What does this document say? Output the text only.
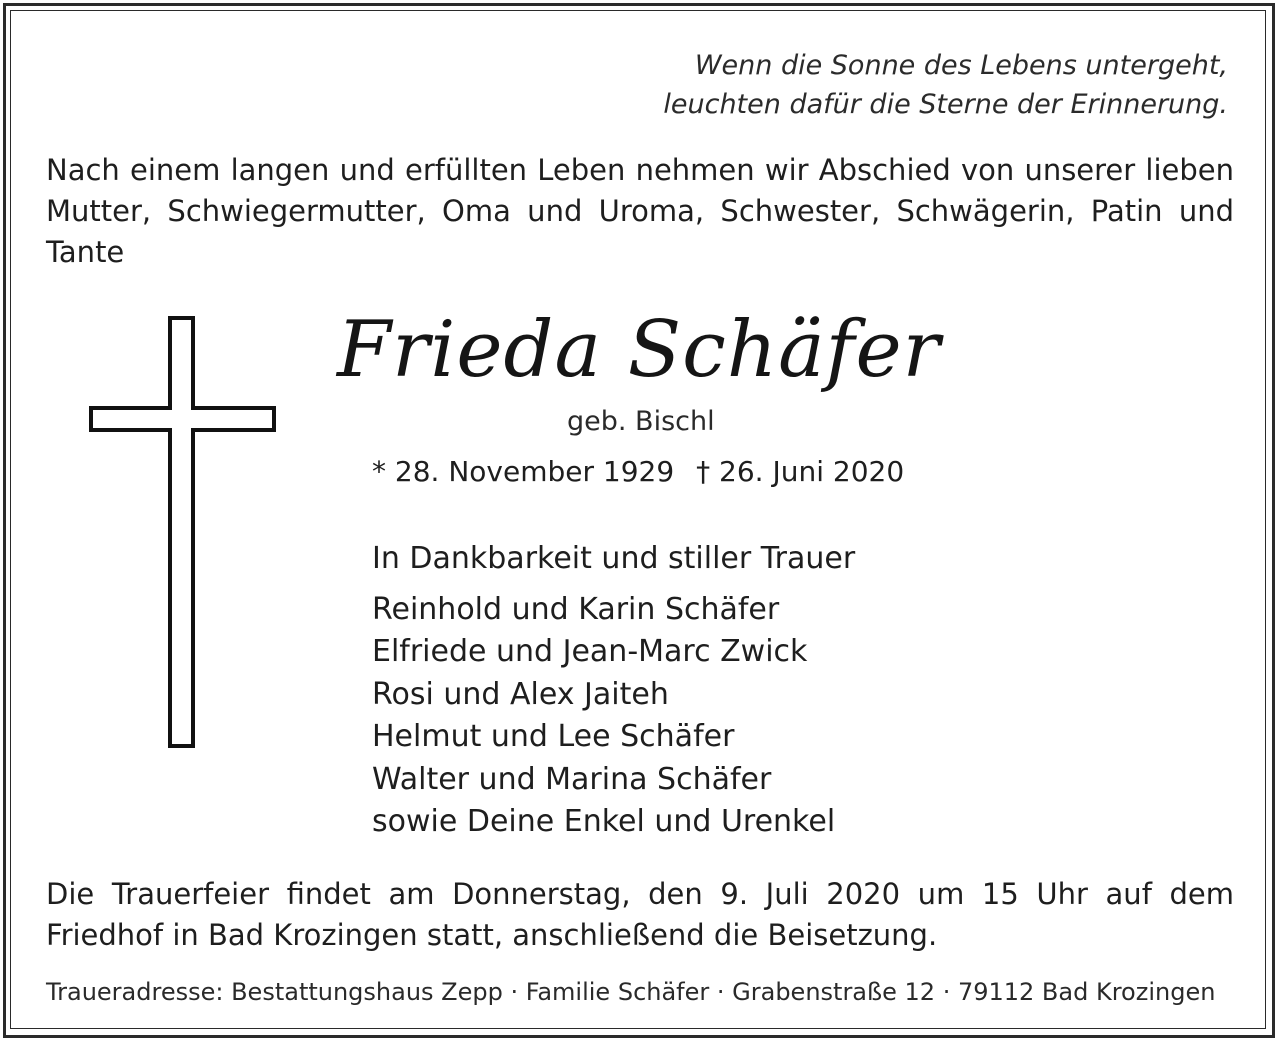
Wenn die Sonne des Lebens untergeht,
leuchten dafür die Sterne der Erinnerung.
Nach einem langen und erfüllten Leben nehmen wir Abschied von unserer lieben Mutter, Schwiegermutter, Oma und Uroma, Schwester, Schwägerin, Patin und Tante
Frieda Schäfer
geb. Bischl
* 28. November 1929 † 26. Juni 2020
In Dankbarkeit und stiller Trauer
Reinhold und Karin Schäfer
Elfriede und Jean-Marc Zwick
Rosi und Alex Jaiteh
Helmut und Lee Schäfer
Walter und Marina Schäfer
sowie Deine Enkel und Urenkel
Die Trauerfeier findet am Donnerstag, den 9. Juli 2020 um 15 Uhr auf dem Friedhof in Bad Krozingen statt, anschließend die Beisetzung.
Traueradresse: Bestattungshaus Zepp · Familie Schäfer · Grabenstraße 12 · 79112 Bad Krozingen
